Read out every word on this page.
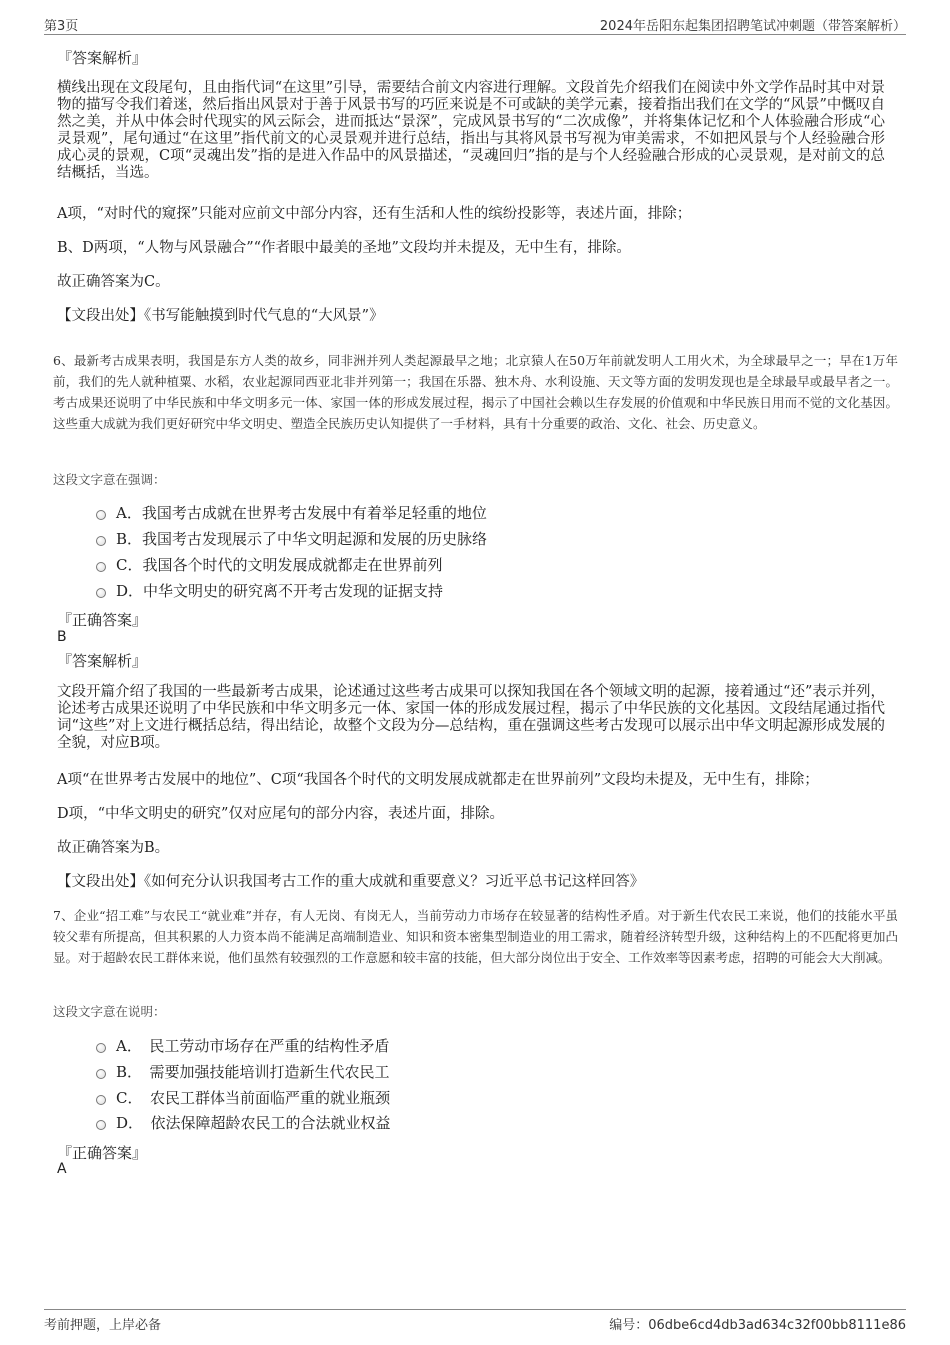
第3页	2024年岳阳东起集团招聘笔试冲刺题（带答案解析）
『答案解析』

横线出现在文段尾句，且由指代词“在这里”引导，需要结合前文内容进行理解。文段首先介绍我们在阅读中外文学作品时其中对景物的描写令我们着迷，然后指出风景对于善于风景书写的巧匠来说是不可或缺的美学元素，接着指出我们在文学的“风景”中慨叹自然之美，并从中体会时代现实的风云际会，进而抵达“景深”，完成风景书写的“二次成像”，并将集体记忆和个人体验融合形成“心灵景观”，尾句通过“在这里”指代前文的心灵景观并进行总结，指出与其将风景书写视为审美需求，不如把风景与个人经验融合形成心灵的景观，C项“灵魂出发”指的是进入作品中的风景描述，“灵魂回归”指的是与个人经验融合形成的心灵景观，是对前文的总结概括，当选。

A项，“对时代的窥探”只能对应前文中部分内容，还有生活和人性的缤纷投影等，表述片面，排除；
B、D两项，“人物与风景融合”“作者眼中最美的圣地”文段均并未提及，无中生有，排除。
故正确答案为C。
【文段出处】《书写能触摸到时代气息的“大风景”》

6、最新考古成果表明，我国是东方人类的故乡，同非洲并列人类起源最早之地；北京猿人在50万年前就发明人工用火术，为全球最早之一；早在1万年前，我们的先人就种植粟、水稻，农业起源同西亚北非并列第一；我国在乐器、独木舟、水利设施、天文等方面的发明发现也是全球最早或最早者之一。考古成果还说明了中华民族和中华文明多元一体、家国一体的形成发展过程，揭示了中国社会赖以生存发展的价值观和中华民族日用而不觉的文化基因。这些重大成就为我们更好研究中华文明史、塑造全民族历史认知提供了一手材料，具有十分重要的政治、文化、社会、历史意义。

这段文字意在强调：
A．我国考古成就在世界考古发展中有着举足轻重的地位
B．我国考古发现展示了中华文明起源和发展的历史脉络
C．我国各个时代的文明发展成就都走在世界前列
D．中华文明史的研究离不开考古发现的证据支持
『正确答案』
B
『答案解析』

文段开篇介绍了我国的一些最新考古成果，论述通过这些考古成果可以探知我国在各个领域文明的起源，接着通过“还”表示并列，论述考古成果还说明了中华民族和中华文明多元一体、家国一体的形成发展过程，揭示了中华民族的文化基因。文段结尾通过指代词“这些”对上文进行概括总结，得出结论，故整个文段为分—总结构，重在强调这些考古发现可以展示出中华文明起源形成发展的全貌，对应B项。

A项“在世界考古发展中的地位”、C项“我国各个时代的文明发展成就都走在世界前列”文段均未提及，无中生有，排除；
D项，“中华文明史的研究”仅对应尾句的部分内容，表述片面，排除。
故正确答案为B。
【文段出处】《如何充分认识我国考古工作的重大成就和重要意义？习近平总书记这样回答》

7、企业“招工难”与农民工“就业难”并存，有人无岗、有岗无人，当前劳动力市场存在较显著的结构性矛盾。对于新生代农民工来说，他们的技能水平虽较父辈有所提高，但其积累的人力资本尚不能满足高端制造业、知识和资本密集型制造业的用工需求，随着经济转型升级，这种结构上的不匹配将更加凸显。对于超龄农民工群体来说，他们虽然有较强烈的工作意愿和较丰富的技能，但大部分岗位出于安全、工作效率等因素考虑，招聘的可能会大大削减。

这段文字意在说明：
A．　民工劳动市场存在严重的结构性矛盾
B．　需要加强技能培训打造新生代农民工
C．　农民工群体当前面临严重的就业瓶颈
D．　依法保障超龄农民工的合法就业权益
『正确答案』
A
考前押题，上岸必备	编号：06dbe6cd4db3ad634c32f00bb8111e86
